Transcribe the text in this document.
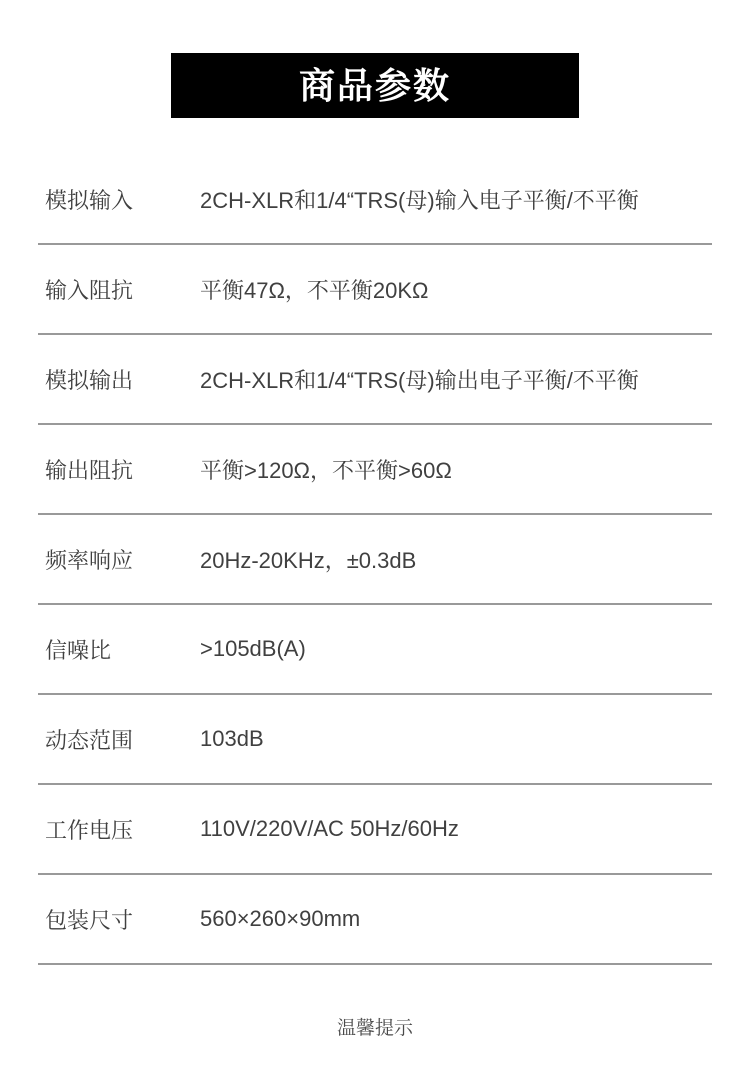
商品参数
模拟输入	2CH-XLR和1/4“TRS(母)输入电子平衡/不平衡
输入阻抗	平衡47Ω，不平衡20KΩ
模拟输出	2CH-XLR和1/4“TRS(母)输出电子平衡/不平衡
输出阻抗	平衡>120Ω，不平衡>60Ω
频率响应	20Hz-20KHz，±0.3dB
信噪比	>105dB(A)
动态范围	103dB
工作电压	110V/220V/AC 50Hz/60Hz
包装尺寸	560×260×90mm
温馨提示
